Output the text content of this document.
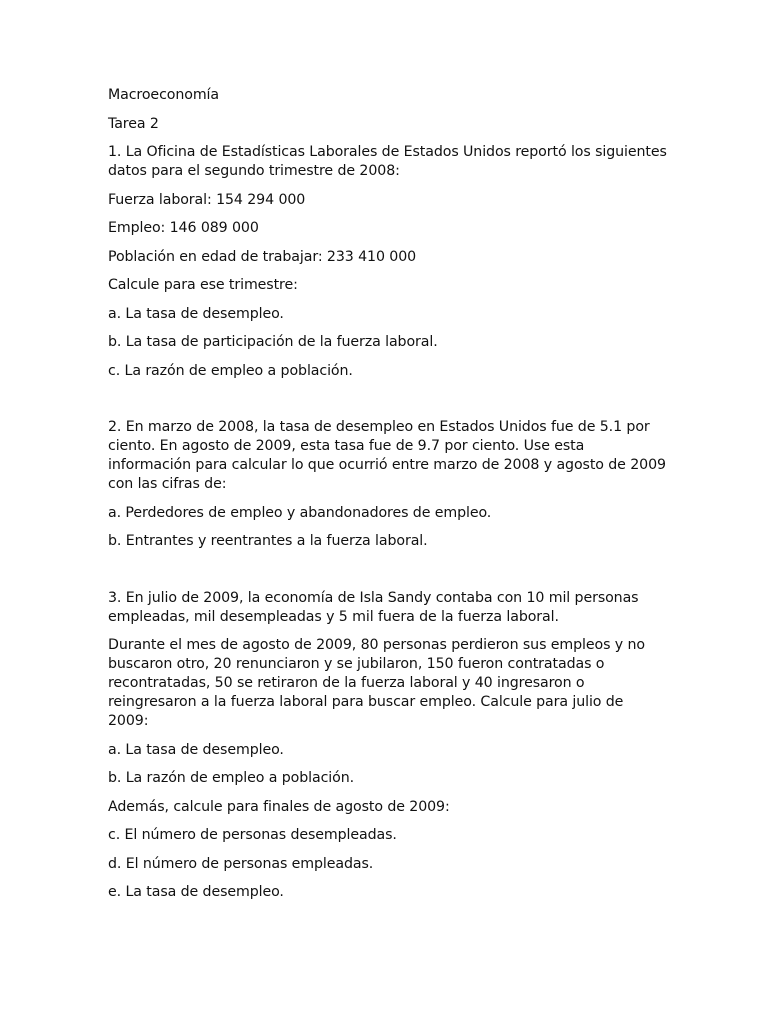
Macroeconomía

Tarea 2

1. La Oficina de Estadísticas Laborales de Estados Unidos reportó los siguientes
datos para el segundo trimestre de 2008:

Fuerza laboral: 154 294 000

Empleo: 146 089 000

Población en edad de trabajar: 233 410 000

Calcule para ese trimestre:

a. La tasa de desempleo.

b. La tasa de participación de la fuerza laboral.

c. La razón de empleo a población.

2. En marzo de 2008, la tasa de desempleo en Estados Unidos fue de 5.1 por
ciento. En agosto de 2009, esta tasa fue de 9.7 por ciento. Use esta
información para calcular lo que ocurrió entre marzo de 2008 y agosto de 2009
con las cifras de:

a. Perdedores de empleo y abandonadores de empleo.

b. Entrantes y reentrantes a la fuerza laboral.

3. En julio de 2009, la economía de Isla Sandy contaba con 10 mil personas
empleadas, mil desempleadas y 5 mil fuera de la fuerza laboral.

Durante el mes de agosto de 2009, 80 personas perdieron sus empleos y no
buscaron otro, 20 renunciaron y se jubilaron, 150 fueron contratadas o
recontratadas, 50 se retiraron de la fuerza laboral y 40 ingresaron o
reingresaron a la fuerza laboral para buscar empleo. Calcule para julio de 2009:

a. La tasa de desempleo.

b. La razón de empleo a población.

Además, calcule para finales de agosto de 2009:

c. El número de personas desempleadas.

d. El número de personas empleadas.

e. La tasa de desempleo.
